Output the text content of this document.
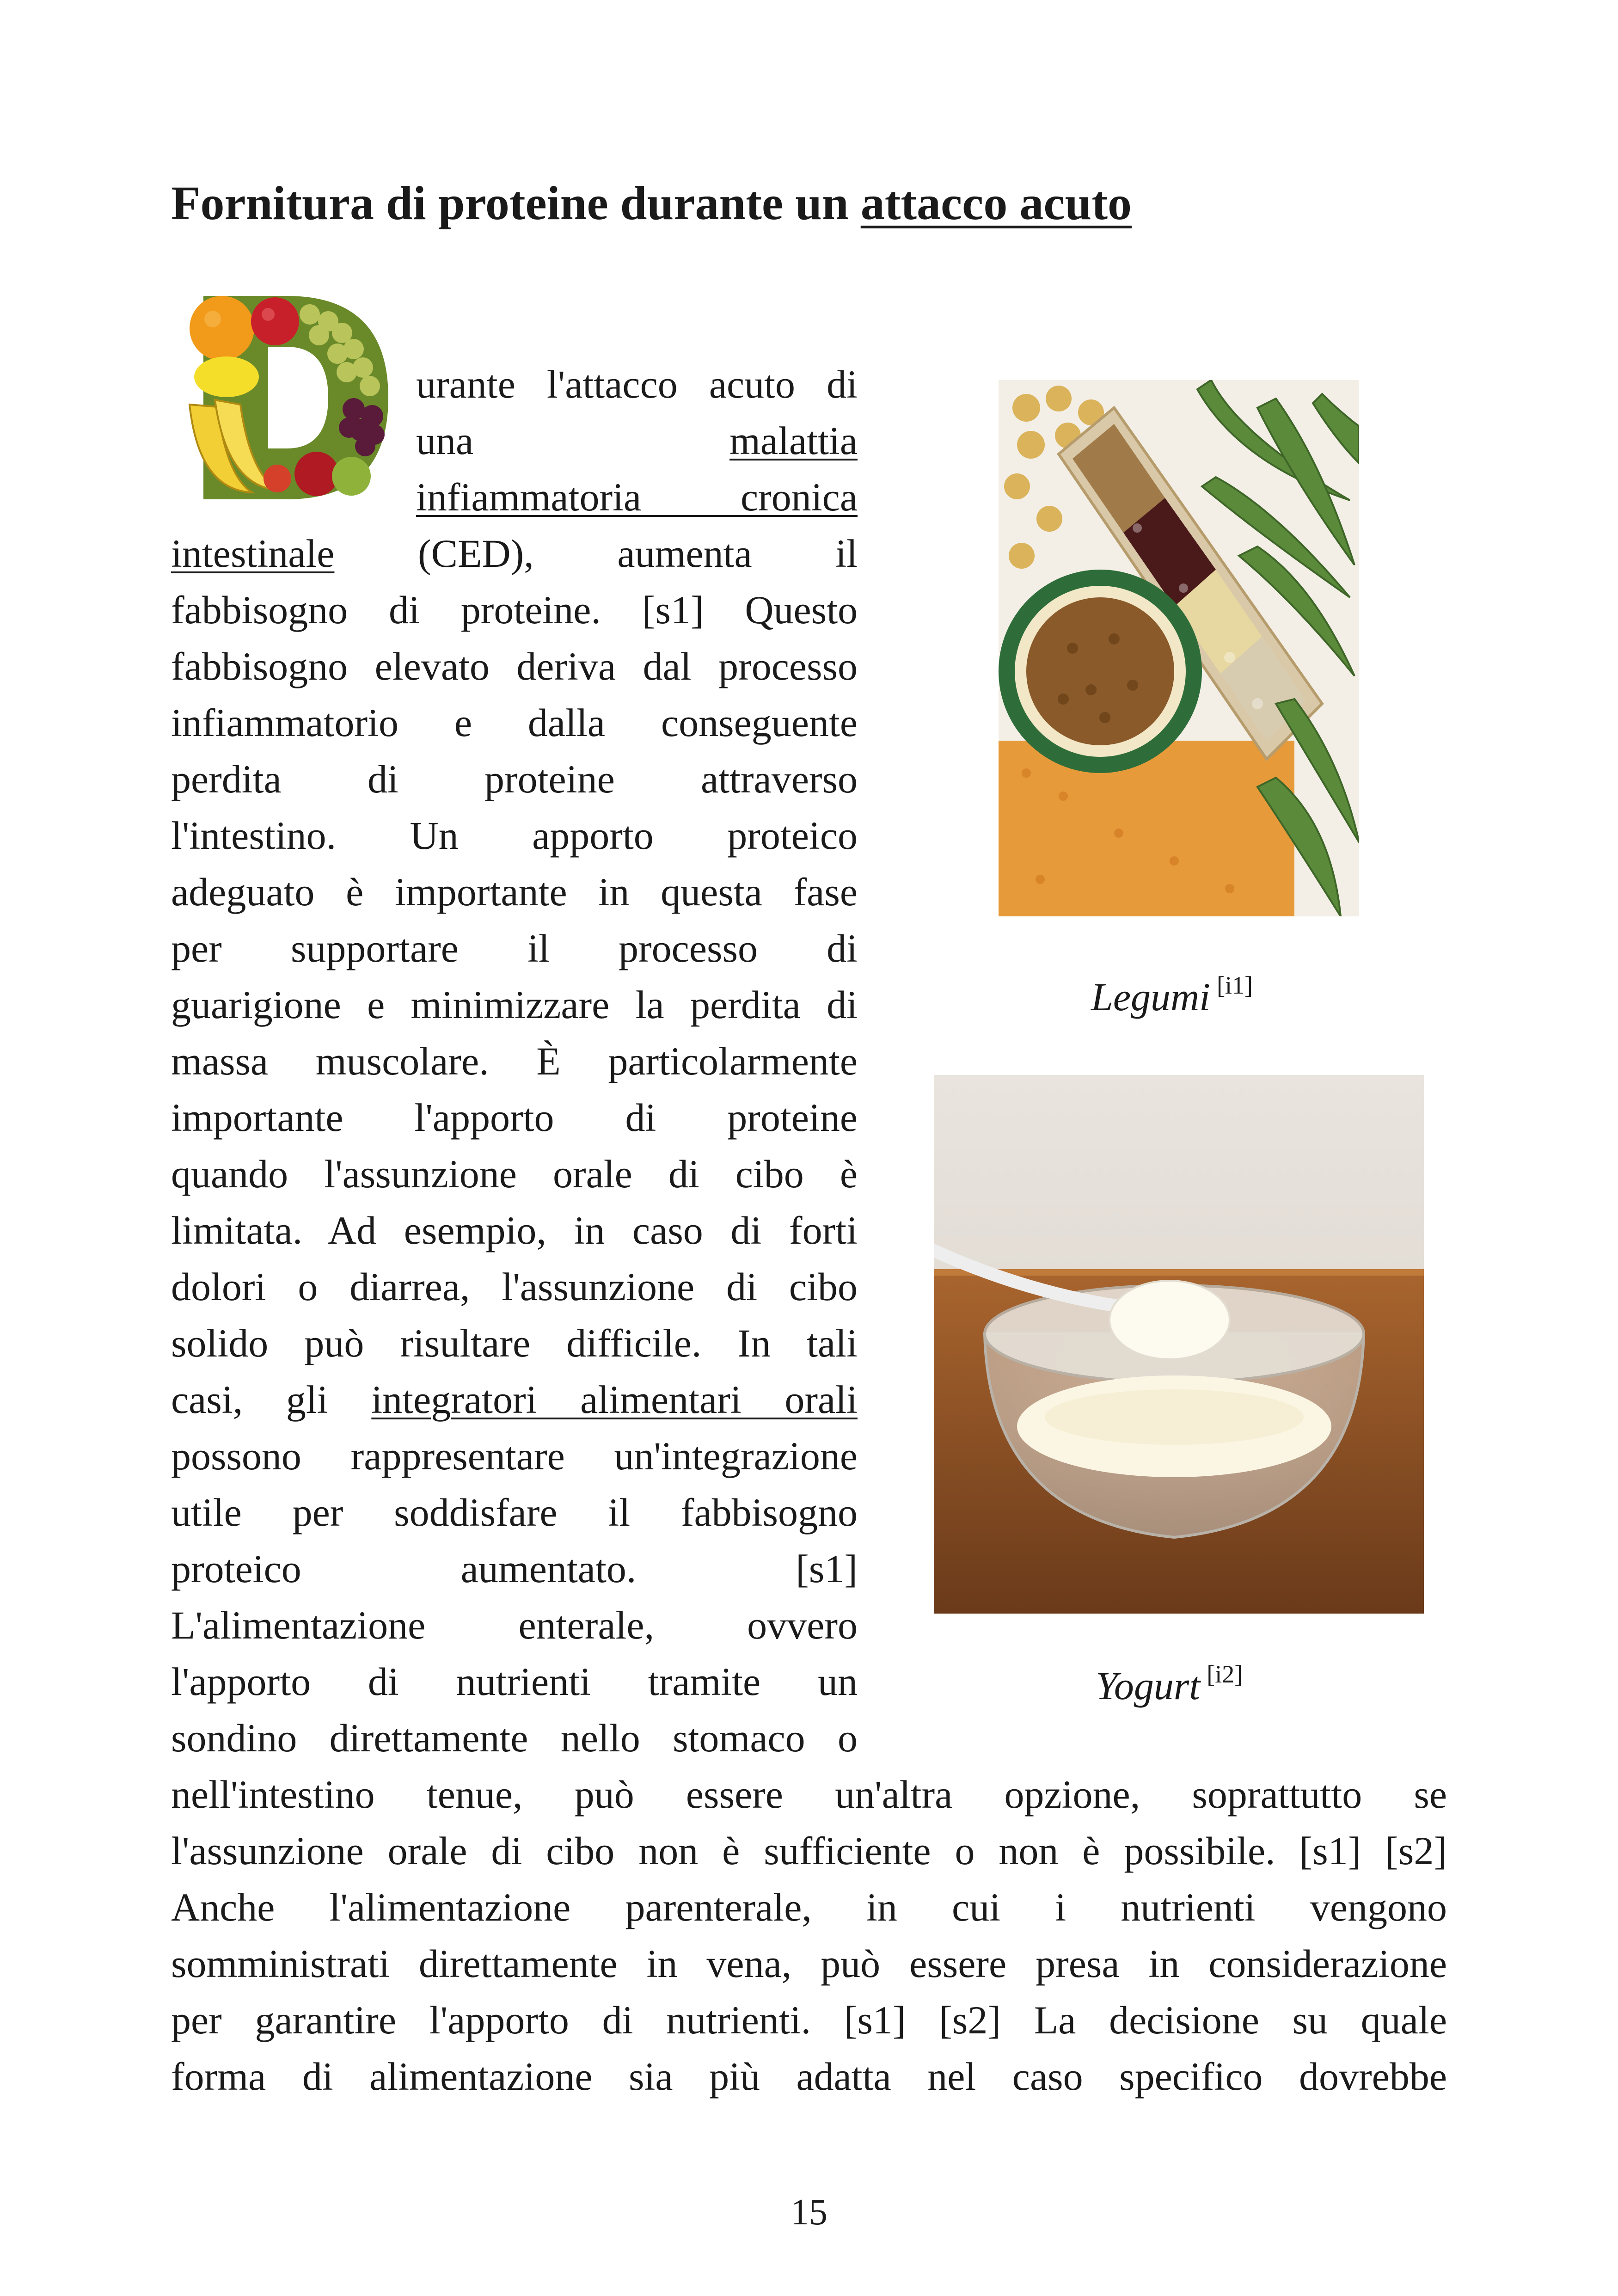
Fornitura di proteine durante un attacco acuto
urante l'attacco acuto di
una	malattia
infiammatoria cronica
intestinale (CED), aumenta il
fabbisogno di proteine. [s1] Questo
fabbisogno elevato deriva dal processo
infiammatorio e dalla conseguente
perdita di proteine attraverso
l'intestino. Un apporto proteico
adeguato è importante in questa fase
per supportare il processo di
guarigione e minimizzare la perdita di
massa muscolare. È particolarmente
importante l'apporto di proteine
quando l'assunzione orale di cibo è
limitata. Ad esempio, in caso di forti
dolori o diarrea, l'assunzione di cibo
solido può risultare difficile. In tali
casi, gli integratori alimentari orali
possono rappresentare un'integrazione
utile per soddisfare il fabbisogno
proteico aumentato. [s1]
L'alimentazione enterale, ovvero
l'apporto di nutrienti tramite un
sondino direttamente nello stomaco o
nell'intestino tenue, può essere un'altra opzione, soprattutto se
l'assunzione orale di cibo non è sufficiente o non è possibile. [s1] [s2]
Anche l'alimentazione parenterale, in cui i nutrienti vengono
somministrati direttamente in vena, può essere presa in considerazione
per garantire l'apporto di nutrienti. [s1] [s2] La decisione su quale
forma di alimentazione sia più adatta nel caso specifico dovrebbe
Legumi [i1]
Yogurt [i2]
15
